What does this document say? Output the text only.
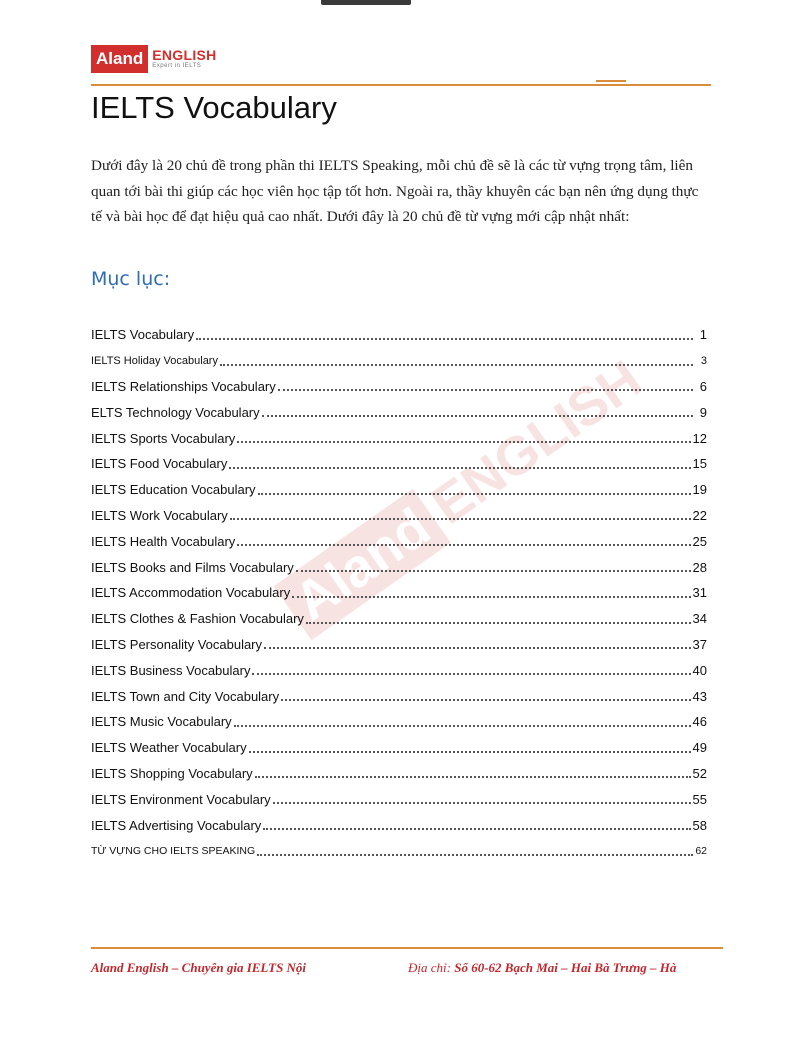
Aland ENGLISH
Expert in IELTS
IELTS Vocabulary

Dưới đây là 20 chủ đề trong phần thi IELTS Speaking, mỗi chủ đề sẽ là các từ vựng trọng tâm, liên quan tới bài thi giúp các học viên học tập tốt hơn. Ngoài ra, thầy khuyên các bạn nên ứng dụng thực tế và bài học để đạt hiệu quả cao nhất. Dưới đây là 20 chủ đề từ vựng mới cập nhật nhất:

Mục lục:
Aland
ENGLISH
IELTS Vocabulary	1
IELTS Holiday Vocabulary	3
IELTS Relationships Vocabulary	6
ELTS Technology Vocabulary	9
IELTS Sports Vocabulary	12
IELTS Food Vocabulary	15
IELTS Education Vocabulary	19
IELTS Work Vocabulary	22
IELTS Health Vocabulary	25
IELTS Books and Films Vocabulary	28
IELTS Accommodation Vocabulary	31
IELTS Clothes & Fashion Vocabulary	34
IELTS Personality Vocabulary	37
IELTS Business Vocabulary	40
IELTS Town and City Vocabulary	43
IELTS Music Vocabulary	46
IELTS Weather Vocabulary	49
IELTS Shopping Vocabulary	52
IELTS Environment Vocabulary	55
IELTS Advertising Vocabulary	58
TỪ VỰNG CHO IELTS SPEAKING	62

Aland English – Chuyên gia IELTS Nội	Địa chỉ: Số 60-62 Bạch Mai – Hai Bà Trưng – Hà
